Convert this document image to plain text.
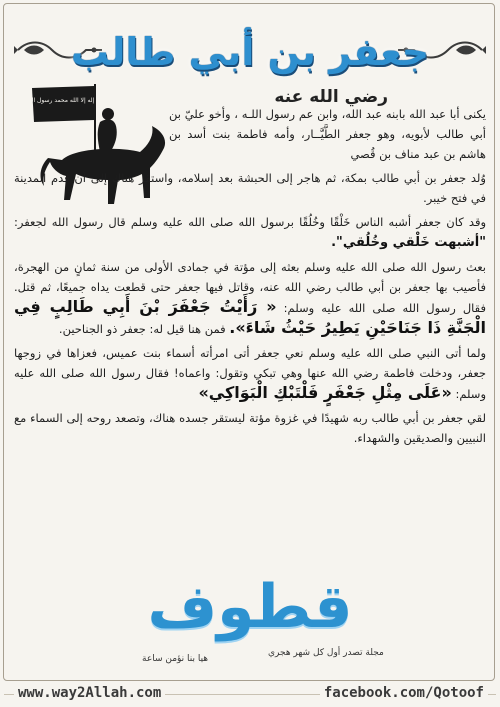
جعفر بن أبي طالب
رضي الله عنه
لا إله إلا الله محمد رسول الله

يكنى أبا عبد الله بابنه عبد الله، وابن عم رسول اللـه ، وأخو عليّ بن أبي طالب لأبويه، وهو جعفر الطَّيَّــار، وأمه فاطمة بنت أسد بن هاشم بن عبد مناف بن قُصي

وُلد جعفر بن أبي طالب بمكة، ثم هاجر إلى الحبشة بعد إسلامه، واستقر هناك إلى أن قدم المدينة في فتح خيبر.

وقد كان جعفر أشبه الناس خَلْقًا وخُلُقًا برسول الله صلى الله عليه وسلم قال رسول الله لجعفر: "أشبهت خَلْقي وخُلُقي".

بعث رسول الله صلى الله عليه وسلم بعثه إلى مؤتة في جمادى الأولى من سنة ثمانٍ من الهجرة، فأصيب بها جعفر بن أبي طالب رضي الله عنه، وقاتل فيها جعفر حتى قطعت يداه جميعًا، ثم قتل. فقال رسول الله صلى الله عليه وسلم: « رَأَيْتُ جَعْفَرَ بْنَ أَبِي طَالِبٍ فِي الْجَنَّةِ ذَا جَنَاحَيْنِ يَطِيرُ حَيْثُ شَاءَ». فمن هنا قيل له: جعفر ذو الجناحين.

ولما أتى النبي صلى الله عليه وسلم نعي جعفر أتى امرأته أسماء بنت عميس، فعزاها في زوجها جعفر، ودخلت فاطمة رضي الله عنها وهي تبكي وتقول: واعماه! فقال رسول الله صلى الله عليه وسلم: «عَلَى مِثْلِ جَعْفَرٍ فَلْتَبْكِ الْبَوَاكِي»

لقي جعفر بن أبي طالب ربه شهيدًا في غزوة مؤتة ليستقر جسده هناك، وتصعد روحه إلى السماء مع النبيين والصديقين والشهداء.

قطوف
هيا بنا نؤمن ساعة
مجلة تصدر أول كل شهر هجري
www.way2Allah.com	facebook.com/Qotoof
